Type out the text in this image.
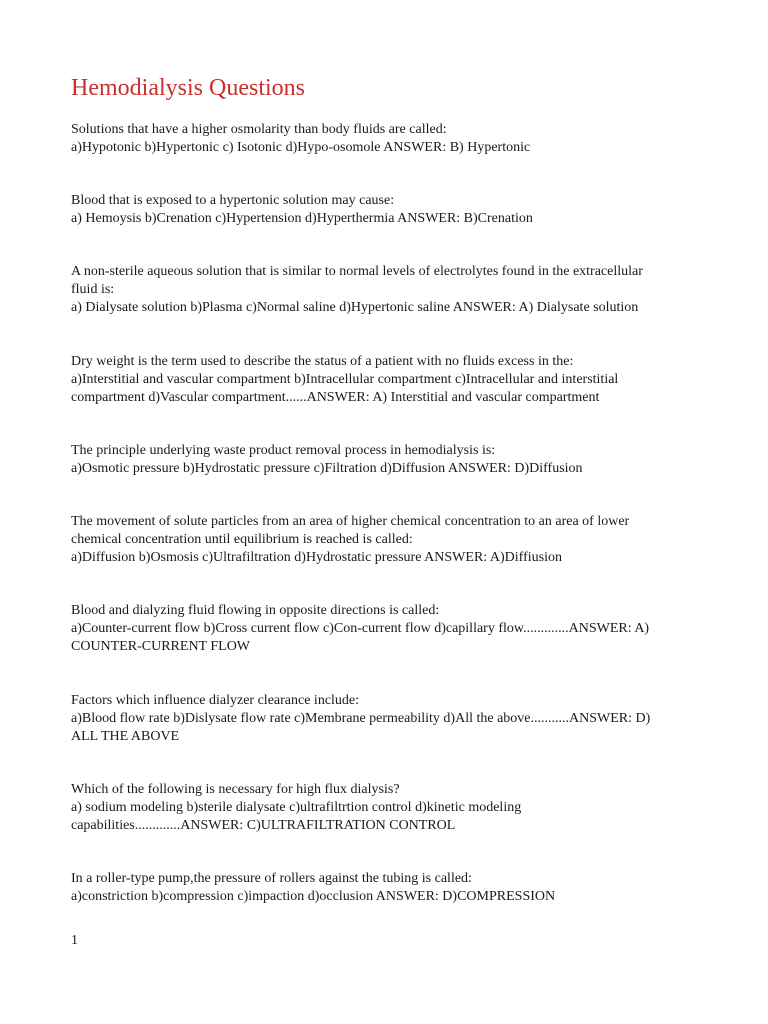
Hemodialysis Questions

Solutions that have a higher osmolarity than body fluids are called:

a)Hypotonic b)Hypertonic c) Isotonic d)Hypo-osomole ANSWER: B) Hypertonic

Blood that is exposed to a hypertonic solution may cause:

a) Hemoysis b)Crenation c)Hypertension d)Hyperthermia ANSWER: B)Crenation

A non-sterile aqueous solution that is similar to normal levels of electrolytes found in the extracellular

fluid is:

a) Dialysate solution b)Plasma c)Normal saline d)Hypertonic saline ANSWER: A) Dialysate solution

Dry weight is the term used to describe the status of a patient with no fluids excess in the:

a)Interstitial and vascular compartment b)Intracellular compartment c)Intracellular and interstitial

compartment d)Vascular compartment......ANSWER: A) Interstitial and vascular compartment

The principle underlying waste product removal process in hemodialysis is:

a)Osmotic pressure b)Hydrostatic pressure c)Filtration d)Diffusion ANSWER: D)Diffusion

The movement of solute particles from an area of higher chemical concentration to an area of lower

chemical concentration until equilibrium is reached is called:

a)Diffusion b)Osmosis c)Ultrafiltration d)Hydrostatic pressure ANSWER: A)Diffiusion

Blood and dialyzing fluid flowing in opposite directions is called:

a)Counter-current flow b)Cross current flow c)Con-current flow d)capillary flow.............ANSWER: A)

COUNTER-CURRENT FLOW

Factors which influence dialyzer clearance include:

a)Blood flow rate b)Dislysate flow rate c)Membrane permeability d)All the above...........ANSWER: D)

ALL THE ABOVE

Which of the following is necessary for high flux dialysis?

a) sodium modeling b)sterile dialysate c)ultrafiltrtion control d)kinetic modeling

capabilities.............ANSWER: C)ULTRAFILTRATION CONTROL

In a roller-type pump,the pressure of rollers against the tubing is called:

a)constriction b)compression c)impaction d)occlusion ANSWER: D)COMPRESSION

1
